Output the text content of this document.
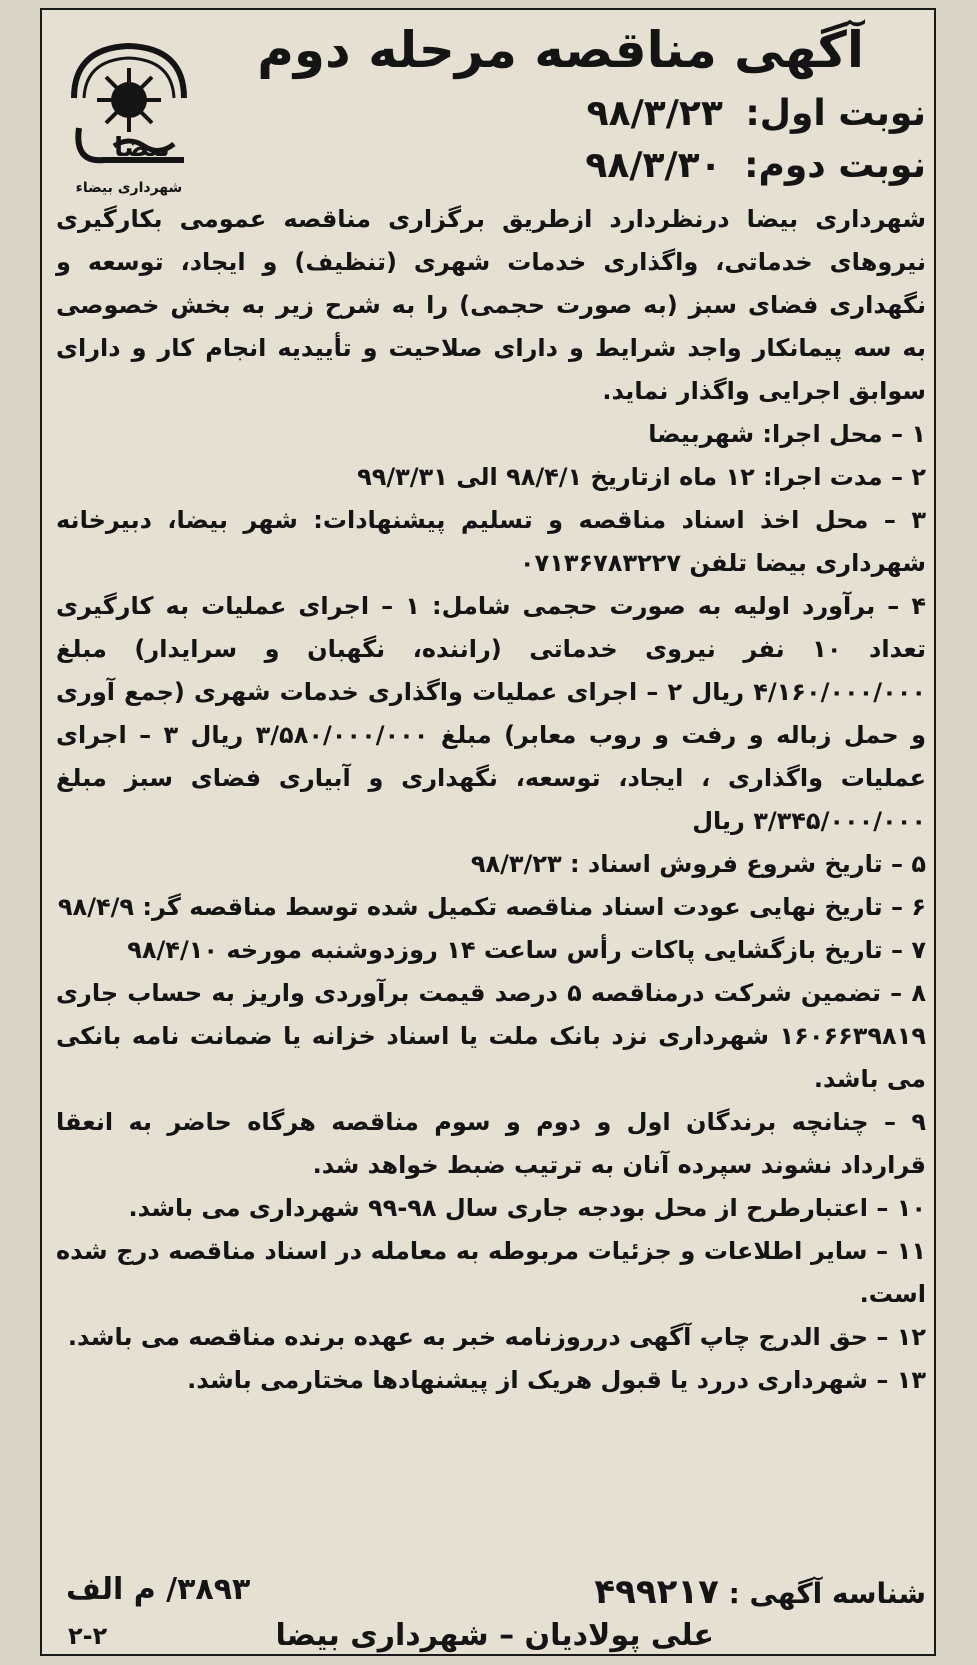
بیضا
شهرداری بیضاء
آگهی مناقصه مرحله دوم
نوبت اول: ۹۸/۳/۲۳
نوبت دوم: ۹۸/۳/۳۰

شهرداری بیضا درنظردارد ازطریق برگزاری مناقصه عمومی بکارگیری نیروهای خدماتی، واگذاری خدمات شهری (تنظیف) و ایجاد، توسعه و نگهداری فضای سبز (به صورت حجمی) را به شرح زیر به بخش خصوصی به سه پیمانکار واجد شرایط و دارای صلاحیت و تأییدیه انجام کار و دارای سوابق اجرایی واگذار نماید.

۱ – محل اجرا: شهربیضا

۲ – مدت اجرا: ۱۲ ماه ازتاریخ ۹۸/۴/۱ الی ۹۹/۳/۳۱

۳ – محل اخذ اسناد مناقصه و تسلیم پیشنهادات: شهر بیضا، دبیرخانه شهرداری بیضا تلفن ۰۷۱۳۶۷۸۳۲۲۷

۴ – برآورد اولیه به صورت حجمی شامل: ۱ – اجرای عملیات به کارگیری تعداد ۱۰ نفر نیروی خدماتی (راننده، نگهبان و سرایدار) مبلغ ۴/۱۶۰/۰۰۰/۰۰۰ ریال ۲ – اجرای عملیات واگذاری خدمات شهری (جمع آوری و حمل زباله و رفت و روب معابر) مبلغ ۳/۵۸۰/۰۰۰/۰۰۰ ریال ۳ – اجرای عملیات واگذاری ، ایجاد، توسعه، نگهداری و آبیاری فضای سبز مبلغ ۳/۳۴۵/۰۰۰/۰۰۰ ریال

۵ – تاریخ شروع فروش اسناد : ۹۸/۳/۲۳

۶ – تاریخ نهایی عودت اسناد مناقصه تکمیل شده توسط مناقصه گر: ۹۸/۴/۹

۷ – تاریخ بازگشایی پاکات رأس ساعت ۱۴ روزدوشنبه مورخه ۹۸/۴/۱۰

۸ – تضمین شرکت درمناقصه ۵ درصد قیمت برآوردی واریز به حساب جاری ۱۶۰۶۶۳۹۸۱۹ شهرداری نزد بانک ملت یا اسناد خزانه یا ضمانت نامه بانکی می باشد.

۹ – چنانچه برندگان اول و دوم و سوم مناقصه هرگاه حاضر به انعقا قرارداد نشوند سپرده آنان به ترتیب ضبط خواهد شد.

۱۰ – اعتبارطرح از محل بودجه جاری سال ۹۸-۹۹ شهرداری می باشد.

۱۱ – سایر اطلاعات و جزئیات مربوطه به معامله در اسناد مناقصه درج شده است.

۱۲ – حق الدرج چاپ آگهی درروزنامه خبر به عهده برنده مناقصه می باشد.

۱۳ – شهرداری دررد یا قبول هریک از پیشنهادها مختارمی باشد.

شناسه آگهی : ۴۹۹۲۱۷
۳۸۹۳/ م الف
علی پولادیان – شهرداری بیضا
۲-۲
